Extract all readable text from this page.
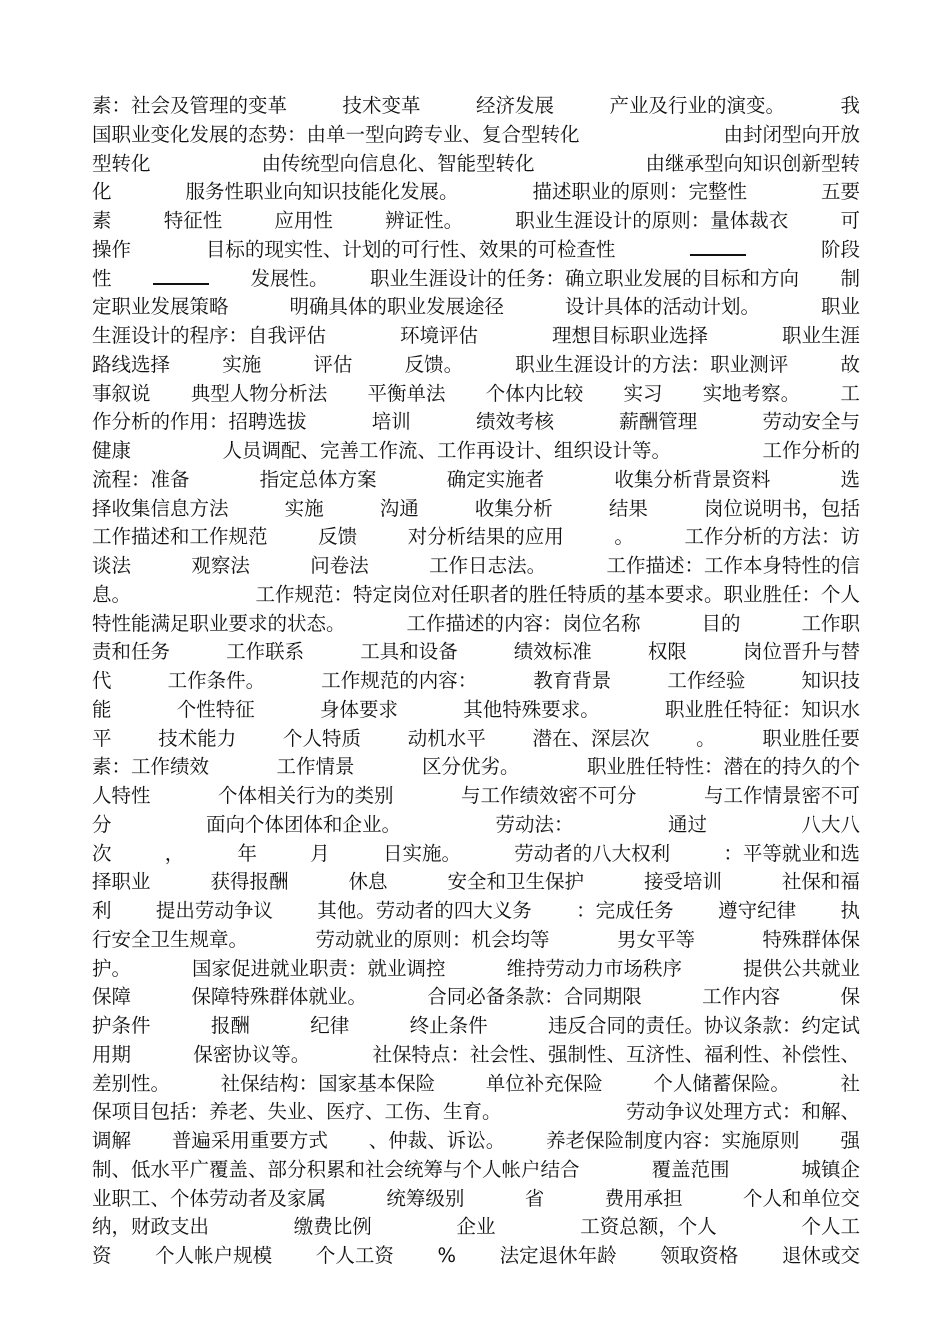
素：社会及管理的变革	技术变革	经济发展	产业及行业的演变。	我
国职业变化发展的态势：由单一型向跨专业、复合型转化	由封闭型向开放
型转化	由传统型向信息化、智能型转化	由继承型向知识创新型转
化	服务性职业向知识技能化发展。	描述职业的原则：完整性	五要
素	特征性	应用性	辨证性。	职业生涯设计的原则：量体裁衣	可
操作	目标的现实性、计划的可行性、效果的可检查性	阶段
性	发展性。 职业生涯设计的任务：确立职业发展的目标和方向 制
定职业发展策略	明确具体的职业发展途径	设计具体的活动计划。	职业
生涯设计的程序：自我评估	环境评估	理想目标职业选择	职业生涯
路线选择	实施	评估	反馈。	职业生涯设计的方法：职业测评	故
事叙说 典型人物分析法 平衡单法 个体内比较 实习 实地考察。 工
作分析的作用：招聘选拔	培训	绩效考核	薪酬管理	劳动安全与
健康	人员调配、完善工作流、工作再设计、组织设计等。	工作分析的
流程：准备	指定总体方案	确定实施者	收集分析背景资料	选
择收集信息方法	实施	沟通	收集分析	结果	岗位说明书，包括
工作描述和工作规范	反馈	对分析结果的应用	。	工作分析的方法：访
谈法	观察法	问卷法	工作日志法。	工作描述：工作本身特性的信
息。	工作规范：特定岗位对任职者的胜任特质的基本要求。职业胜任：个人
特性能满足职业要求的状态。	工作描述的内容：岗位名称	目的	工作职
责和任务	工作联系	工具和设备	绩效标准	权限	岗位晋升与替
代	工作条件。	工作规范的内容：	教育背景	工作经验	知识技
能	个性特征	身体要求	其他特殊要求。	职业胜任特征：知识水
平 技术能力 个人特质 动机水平 潜在、深层次 。 职业胜任要
素：工作绩效	工作情景	区分优劣。	职业胜任特性：潜在的持久的个
人特性	个体相关行为的类别	与工作绩效密不可分	与工作情景密不可
分	面向个体团体和企业。	劳动法：	通过	八大八
次	，	年	月	日实施。	劳动者的八大权利	：平等就业和选
择职业	获得报酬	休息	安全和卫生保护	接受培训	社保和福
利 提出劳动争议 其他。劳动者的四大义务 ：完成任务 遵守纪律 执
行安全卫生规章。	劳动就业的原则：机会均等	男女平等	特殊群体保
护。	国家促进就业职责：就业调控	维持劳动力市场秩序	提供公共就业
保障	保障特殊群体就业。	合同必备条款：合同期限	工作内容	保
护条件	报酬	纪律	终止条件	违反合同的责任。协议条款：约定试
用期	保密协议等。	社保特点：社会性、强制性、互济性、福利性、补偿性、
差别性。	社保结构：国家基本保险	单位补充保险	个人储蓄保险。	社
保项目包括：养老、失业、医疗、工伤、生育。	劳动争议处理方式：和解、
调解 普遍采用重要方式 、仲裁、诉讼。 养老保险制度内容：实施原则 强
制、低水平广覆盖、部分积累和社会统筹与个人帐户结合	覆盖范围	城镇企
业职工、个体劳动者及家属	统筹级别	省	费用承担	个人和单位交
纳，财政支出	缴费比例	企业	工资总额，个人	个人工
资 个人帐户规模 个人工资 % 法定退休年龄 领取资格 退休或交
